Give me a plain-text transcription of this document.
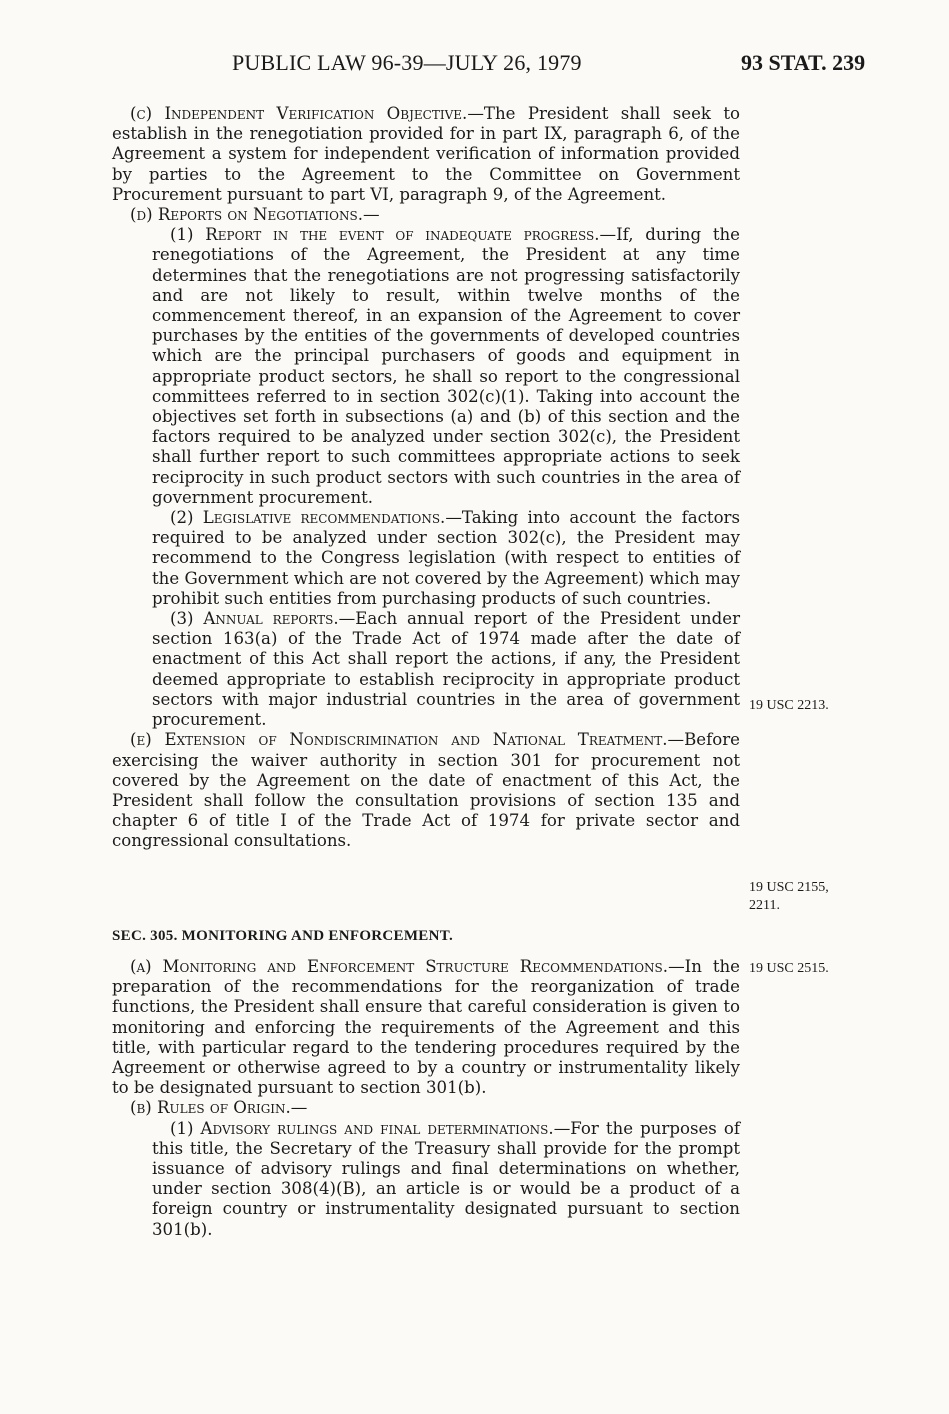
PUBLIC LAW 96-39—JULY 26, 1979	93 STAT. 239

(c) Independent Verification Objective.—The President shall seek to establish in the renegotiation provided for in part IX, paragraph 6, of the Agreement a system for independent verification of information provided by parties to the Agreement to the Committee on Government Procurement pursuant to part VI, paragraph 9, of the Agreement.

(d) Reports on Negotiations.—

(1) Report in the event of inadequate progress.—If, during the renegotiations of the Agreement, the President at any time determines that the renegotiations are not progressing satisfactorily and are not likely to result, within twelve months of the commencement thereof, in an expansion of the Agreement to cover purchases by the entities of the governments of developed countries which are the principal purchasers of goods and equipment in appropriate product sectors, he shall so report to the congressional committees referred to in section 302(c)(1). Taking into account the objectives set forth in subsections (a) and (b) of this section and the factors required to be analyzed under section 302(c), the President shall further report to such committees appropriate actions to seek reciprocity in such product sectors with such countries in the area of government procurement.

(2) Legislative recommendations.—Taking into account the factors required to be analyzed under section 302(c), the President may recommend to the Congress legislation (with respect to entities of the Government which are not covered by the Agreement) which may prohibit such entities from purchasing products of such countries.

(3) Annual reports.—Each annual report of the President under section 163(a) of the Trade Act of 1974 made after the date of enactment of this Act shall report the actions, if any, the President deemed appropriate to establish reciprocity in appropriate product sectors with major industrial countries in the area of government procurement.

(e) Extension of Nondiscrimination and National Treatment.—Before exercising the waiver authority in section 301 for procurement not covered by the Agreement on the date of enactment of this Act, the President shall follow the consultation provisions of section 135 and chapter 6 of title I of the Trade Act of 1974 for private sector and congressional consultations.

SEC. 305. MONITORING AND ENFORCEMENT.

(a) Monitoring and Enforcement Structure Recommendations.—In the preparation of the recommendations for the reorganization of trade functions, the President shall ensure that careful consideration is given to monitoring and enforcing the requirements of the Agreement and this title, with particular regard to the tendering procedures required by the Agreement or otherwise agreed to by a country or instrumentality likely to be designated pursuant to section 301(b).

(b) Rules of Origin.—

(1) Advisory rulings and final determinations.—For the purposes of this title, the Secretary of the Treasury shall provide for the prompt issuance of advisory rulings and final determinations on whether, under section 308(4)(B), an article is or would be a product of a foreign country or instrumentality designated pursuant to section 301(b).

19 USC 2213.
19 USC 2155,
2211.
19 USC 2515.
